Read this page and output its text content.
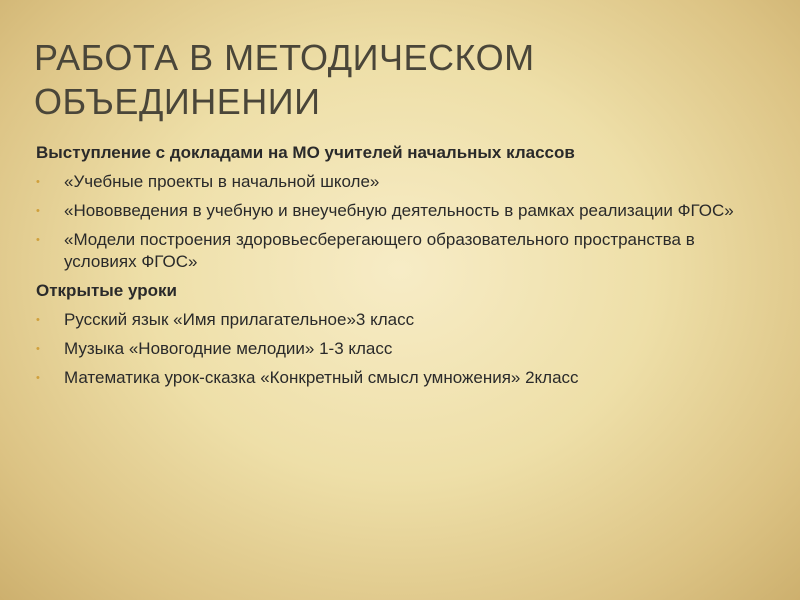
РАБОТА В МЕТОДИЧЕСКОМ
ОБЪЕДИНЕНИИ
Выступление с докладами на МО учителей начальных классов
•	«Учебные проекты в начальной школе»
•	«Нововведения в учебную и внеучебную деятельность в рамках реализации ФГОС»
•	«Модели построения здоровьесберегающего образовательного пространства в условиях ФГОС»
Открытые уроки
•	Русский язык «Имя прилагательное»3 класс
•	Музыка «Новогодние мелодии» 1-3 класс
•	Математика урок-сказка «Конкретный смысл умножения» 2класс
